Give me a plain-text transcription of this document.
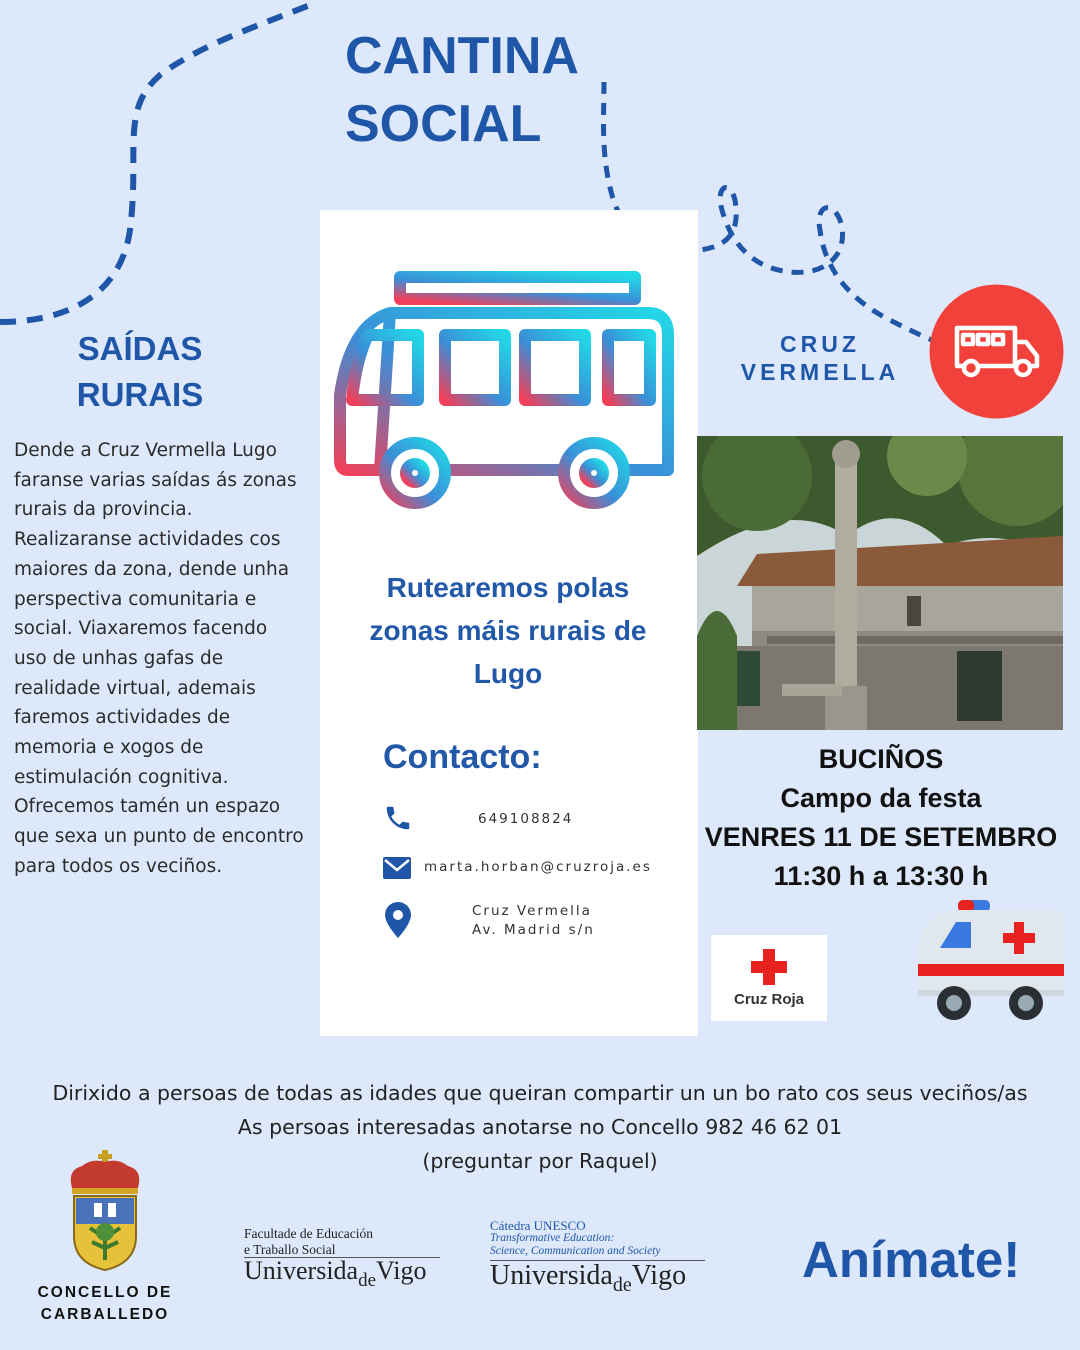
CANTINA
SOCIAL
SAÍDAS
RURAIS
Dende a Cruz Vermella Lugo
faranse varias saídas ás zonas
rurais da provincia.
Realizaranse actividades cos
maiores da zona, dende unha
perspectiva comunitaria e
social. Viaxaremos facendo
uso de unhas gafas de
realidade virtual, ademais
faremos actividades de
memoria e xogos de
estimulación cognitiva.
Ofrecemos tamén un espazo
que sexa un punto de encontro
para todos os veciños.
Rutearemos polas
zonas máis rurais de
Lugo
Contacto:
649108824
marta.horban@cruzroja.es
Cruz Vermella
Av. Madrid s/n
CRUZ
VERMELLA
BUCIÑOS
Campo da festa
VENRES 11 DE SETEMBRO
11:30 h a 13:30 h
Cruz Roja
Dirixido a persoas de todas as idades que queiran compartir un un bo rato cos seus veciños/as
As persoas interesadas anotarse no Concello 982 46 62 01
(preguntar por Raquel)
CONCELLO DE
CARBALLEDO
Facultade de Educación
e Traballo Social
Universida$_{de}$Vigo
Cátedra UNESCO
Transformative Education:
Science, Communication and Society
Universida$_{de}$Vigo Anímate!
